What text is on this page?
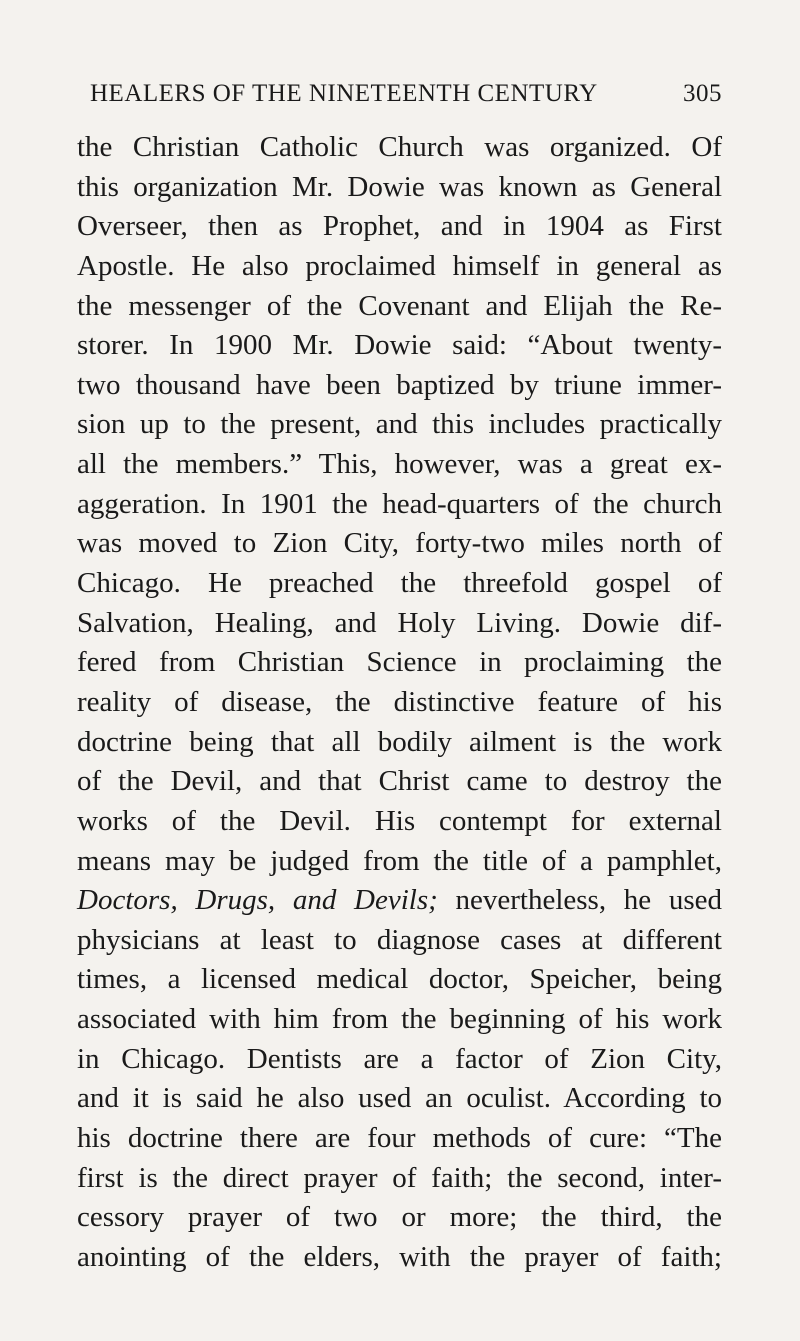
HEALERS OF THE NINETEENTH CENTURY	305
the Christian Catholic Church was organized. Of
this organization Mr. Dowie was known as General
Overseer, then as Prophet, and in 1904 as First
Apostle. He also proclaimed himself in general as
the messenger of the Covenant and Elijah the Re-
storer. In 1900 Mr. Dowie said: “About twenty-
two thousand have been baptized by triune immer-
sion up to the present, and this includes practically
all the members.” This, however, was a great ex-
aggeration. In 1901 the head-quarters of the church
was moved to Zion City, forty-two miles north of
Chicago. He preached the threefold gospel of
Salvation, Healing, and Holy Living. Dowie dif-
fered from Christian Science in proclaiming the
reality of disease, the distinctive feature of his
doctrine being that all bodily ailment is the work
of the Devil, and that Christ came to destroy the
works of the Devil. His contempt for external
means may be judged from the title of a pamphlet,
Doctors, Drugs, and Devils; nevertheless, he used
physicians at least to diagnose cases at different
times, a licensed medical doctor, Speicher, being
associated with him from the beginning of his work
in Chicago. Dentists are a factor of Zion City,
and it is said he also used an oculist. According to
his doctrine there are four methods of cure: “The
first is the direct prayer of faith; the second, inter-
cessory prayer of two or more; the third, the
anointing of the elders, with the prayer of faith;
